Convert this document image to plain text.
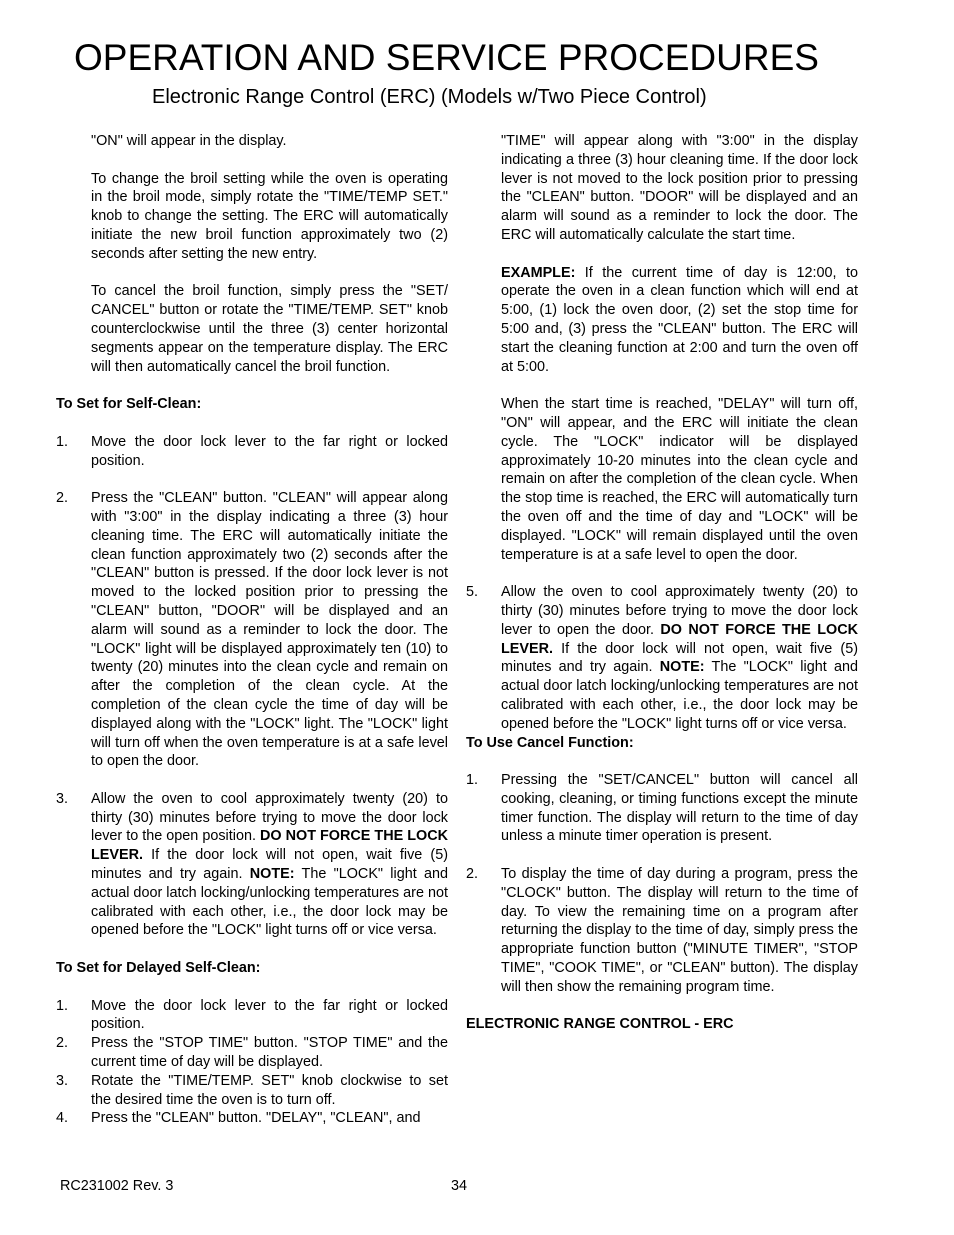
OPERATION AND SERVICE PROCEDURES
Electronic Range Control (ERC) (Models w/Two Piece Control)

"ON" will appear in the display.

To change the broil setting while the oven is operating in the broil mode, simply rotate the "TIME/TEMP SET." knob to change the setting. The ERC will automatically initiate the new broil function approximately two (2) seconds after setting the new entry.

To cancel the broil function, simply press the "SET/ CANCEL" button or rotate the "TIME/TEMP. SET" knob counterclockwise until the three (3) center horizontal segments appear on the temperature display. The ERC will then automatically cancel the broil function.

To Set for Self-Clean:
1.	Move the door lock lever to the far right or locked position.
2.	Press the "CLEAN" button. "CLEAN" will appear along with "3:00" in the display indicating a three (3) hour cleaning time. The ERC will automatically initiate the clean function approximately two (2) seconds after the "CLEAN" button is pressed. If the door lock lever is not moved to the locked position prior to pressing the "CLEAN" button, "DOOR" will be displayed and an alarm will sound as a reminder to lock the door. The "LOCK" light will be displayed approximately ten (10) to twenty (20) minutes into the clean cycle and remain on after the completion of the clean cycle. At the completion of the clean cycle the time of day will be displayed along with the "LOCK" light. The "LOCK" light will turn off when the oven temperature is at a safe level to open the door.
3.	Allow the oven to cool approximately twenty (20) to thirty (30) minutes before trying to move the door lock lever to the open position. DO NOT FORCE THE LOCK LEVER. If the door lock will not open, wait five (5) minutes and try again. NOTE: The "LOCK" light and actual door latch locking/unlocking temperatures are not calibrated with each other, i.e., the door lock may be opened before the "LOCK" light turns off or vice versa.
To Set for Delayed Self-Clean:
1.	Move the door lock lever to the far right or locked position.
2.	Press the "STOP TIME" button. "STOP TIME" and the current time of day will be displayed.
3.	Rotate the "TIME/TEMP. SET" knob clockwise to set the desired time the oven is to turn off.
4.	Press the "CLEAN" button. "DELAY", "CLEAN", and

"TIME" will appear along with "3:00" in the display indicating a three (3) hour cleaning time. If the door lock lever is not moved to the lock position prior to pressing the "CLEAN" button. "DOOR" will be displayed and an alarm will sound as a reminder to lock the door. The ERC will automatically calculate the start time.

EXAMPLE: If the current time of day is 12:00, to operate the oven in a clean function which will end at 5:00, (1) lock the oven door, (2) set the stop time for 5:00 and, (3) press the "CLEAN" button. The ERC will start the cleaning function at 2:00 and turn the oven off at 5:00.

When the start time is reached, "DELAY" will turn off, "ON" will appear, and the ERC will initiate the clean cycle. The "LOCK" indicator will be displayed approximately 10-20 minutes into the clean cycle and remain on after the completion of the clean cycle. When the stop time is reached, the ERC will automatically turn the oven off and the time of day and "LOCK" will be displayed. "LOCK" will remain displayed until the oven temperature is at a safe level to open the door.

5.	Allow the oven to cool approximately twenty (20) to thirty (30) minutes before trying to move the door lock lever to open the door. DO NOT FORCE THE LOCK LEVER. If the door lock will not open, wait five (5) minutes and try again. NOTE: The "LOCK" light and actual door latch locking/unlocking temperatures are not calibrated with each other, i.e., the door lock may be opened before the "LOCK" light turns off or vice versa.
To Use Cancel Function:
1.	Pressing the "SET/CANCEL" button will cancel all cooking, cleaning, or timing functions except the minute timer function. The display will return to the time of day unless a minute timer operation is present.
2.	To display the time of day during a program, press the "CLOCK" button. The display will return to the time of day. To view the remaining time on a program after returning the display to the time of day, simply press the appropriate function button ("MINUTE TIMER", "STOP TIME", "COOK TIME", or "CLEAN" button). The display will then show the remaining program time.
ELECTRONIC RANGE CONTROL - ERC
RC231002 Rev. 3	34
